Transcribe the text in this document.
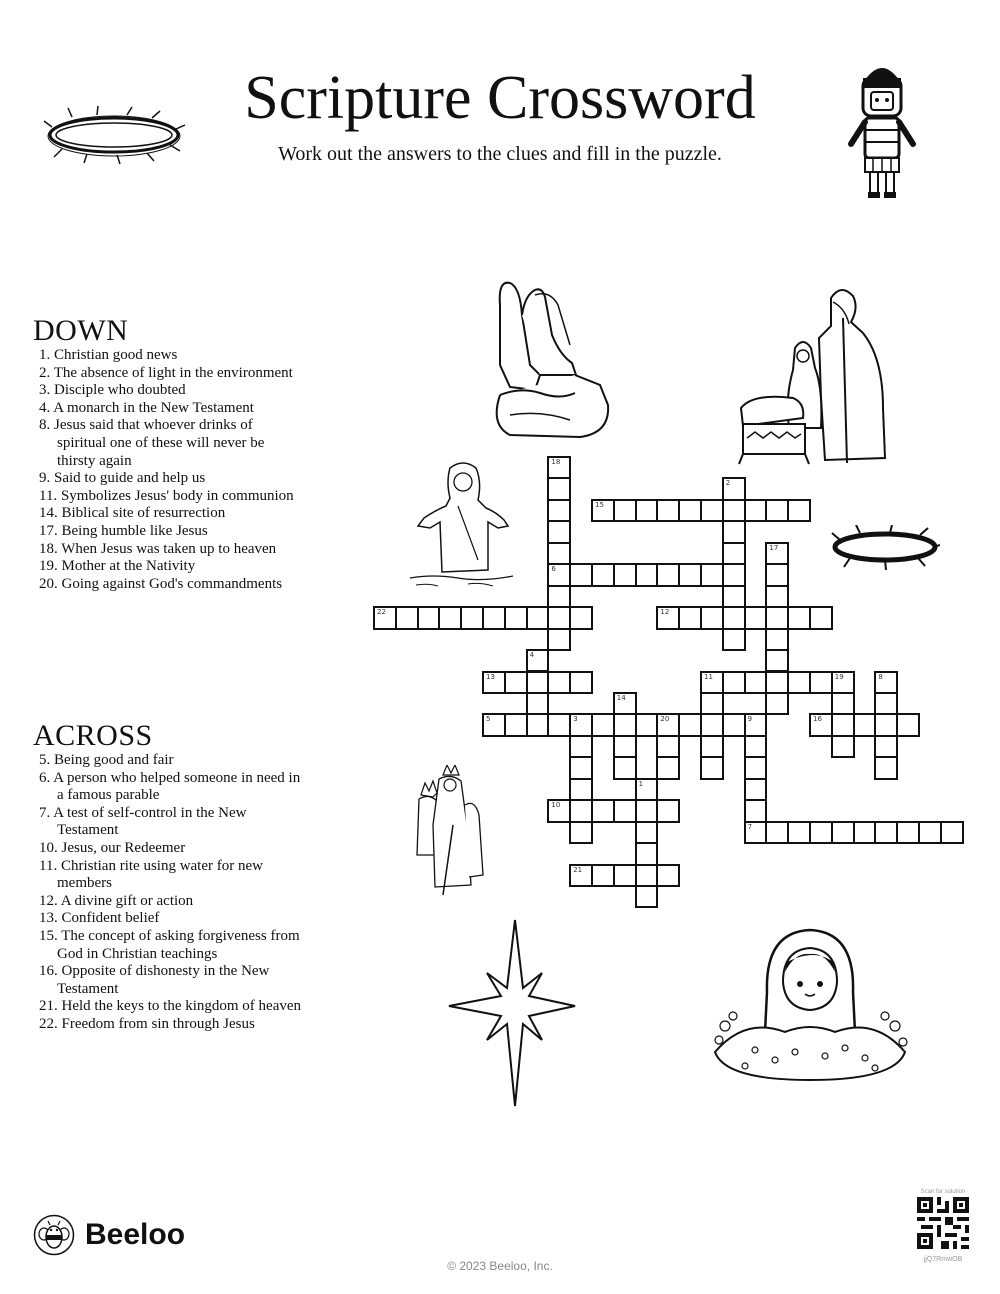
Scripture Crossword
Work out the answers to the clues and fill in the puzzle.
DOWN
1. Christian good news
2. The absence of light in the environment
3. Disciple who doubted
4. A monarch in the New Testament
8. Jesus said that whoever drinks of spiritual one of these will never be thirsty again
9. Said to guide and help us
11. Symbolizes Jesus' body in communion
14. Biblical site of resurrection
17. Being humble like Jesus
18. When Jesus was taken up to heaven
19. Mother at the Nativity
20. Going against God's commandments
ACROSS
5. Being good and fair
6. A person who helped someone in need in a famous parable
7. A test of self-control in the New Testament
10. Jesus, our Redeemer
11. Christian rite using water for new members
12. A divine gift or action
13. Confident belief
15. The concept of asking forgiveness from God in Christian teachings
16. Opposite of dishonesty in the New Testament
21. Held the keys to the kingdom of heaven
22. Freedom from sin through Jesus
1
2
3
4
8
9
7
11
14
17
18
6
19
20
5
10
12
13
15
16
21
22
Beeloo
© 2023 Beeloo, Inc.
Scan for solution
jjQ7RmwOB
